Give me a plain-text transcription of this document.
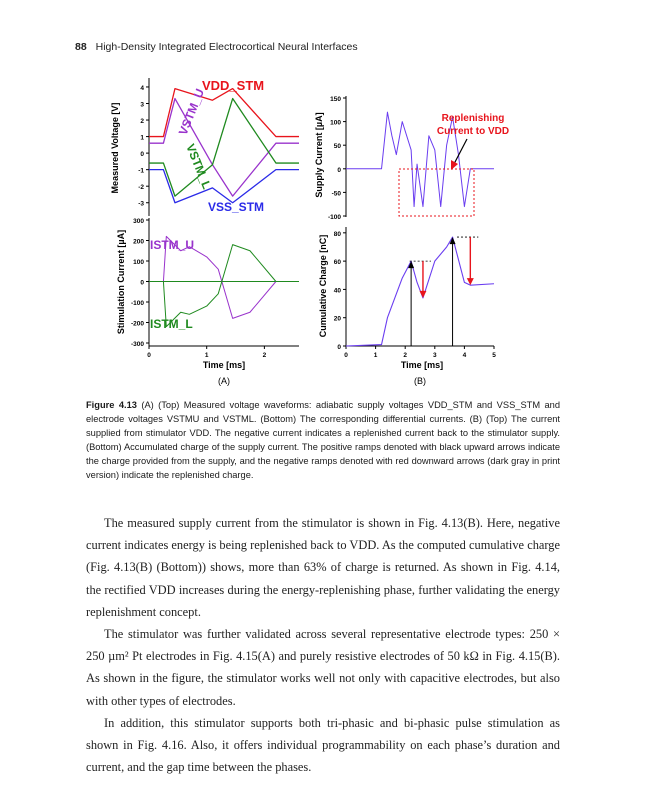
88 High-Density Integrated Electrocortical Neural Interfaces
4
3
2
1
0
-1
-2
-3
Measured Voltage [V]
VDD_STM
VSS_STM
VSTM_U
VSTM_L
300
200
100
0
-100
-200
-300
0	1	2
Stimulation Current [µA]
Time [ms]
(A)
ISTM_U
ISTM_L
150
100
50
0
-50
-100
Supply Current [µA]	Replenishing
Current to VDD
80
60
40
20
0
0	1	2	3	4	5
Cumulative Charge [nC]
Time [ms]
(B)
Figure 4.13 (A) (Top) Measured voltage waveforms: adiabatic supply voltages VDD_STM and VSS_STM and electrode voltages VSTMU and VSTML. (Bottom) The corresponding differential currents. (B) (Top) The current supplied from stimulator VDD. The negative current indicates a replenished current back to the stimulator supply. (Bottom) Accumulated charge of the supply current. The positive ramps denoted with black upward arrows indicate the charge provided from the supply, and the negative ramps denoted with red downward arrows (dark gray in print version) indicate the replenished charge.

The measured supply current from the stimulator is shown in Fig. 4.13(B). Here, negative current indicates energy is being replenished back to VDD. As the computed cumulative charge (Fig. 4.13(B) (Bottom)) shows, more than 63% of charge is returned. As shown in Fig. 4.14, the rectified VDD increases during the energy-replenishing phase, further validating the energy replenishment concept.

The stimulator was further validated across several representative electrode types: 250 × 250 µm² Pt electrodes in Fig. 4.15(A) and purely resistive electrodes of 50 kΩ in Fig. 4.15(B). As shown in the figure, the stimulator works well not only with capacitive electrodes, but also with other types of electrodes.

In addition, this stimulator supports both tri-phasic and bi-phasic pulse stimulation as shown in Fig. 4.16. Also, it offers individual programmability on each phase’s duration and current, and the gap time between the phases.
